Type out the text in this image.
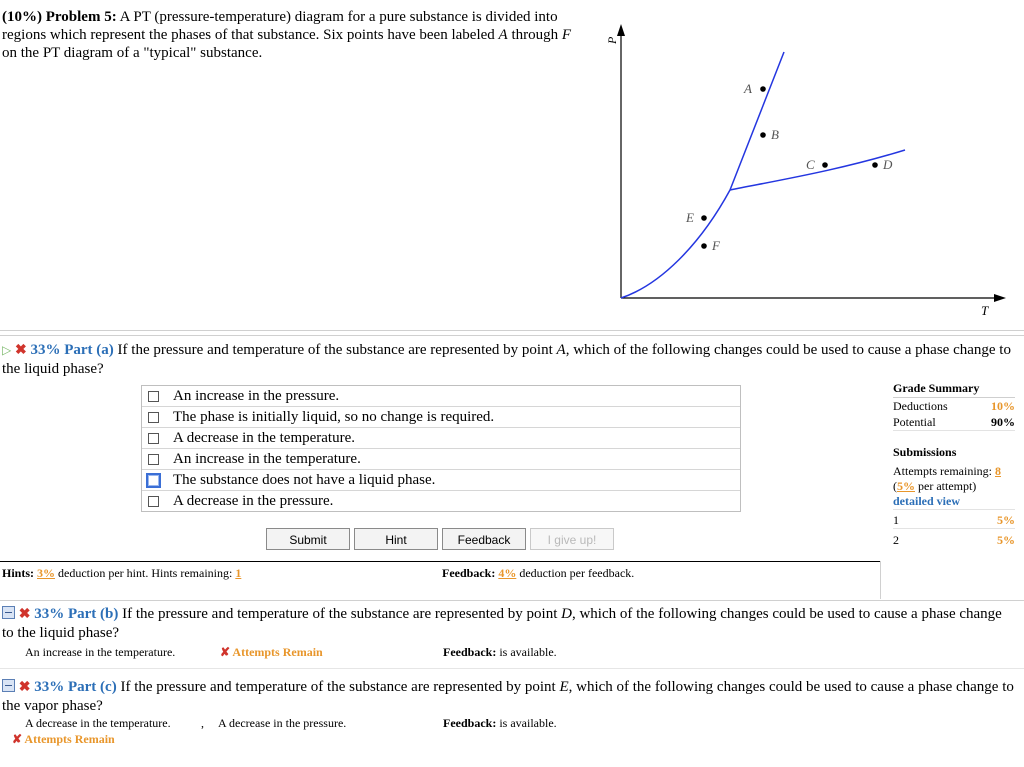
(10%) Problem 5: A PT (pressure-temperature) diagram for a pure substance is divided into regions which represent the phases of that substance. Six points have been labeled A through F on the PT diagram of a "typical" substance.
P
T
A
B
C	D
E
F
▷ ✖ 33% Part (a) If the pressure and temperature of the substance are represented by point A, which of the following changes could be used to cause a phase change to the liquid phase?
An increase in the pressure.
The phase is initially liquid, so no change is required.
A decrease in the temperature.
An increase in the temperature.
The substance does not have a liquid phase.
A decrease in the pressure.
Submit	Hint	Feedback	I give up!
Grade Summary
Deductions	10%
Potential	90%
Submissions
Attempts remaining: 8
(5% per attempt)
detailed view
1	5%
2	5%
Hints: 3% deduction per hint. Hints remaining: 1	Feedback: 4% deduction per feedback.
✖ 33% Part (b) If the pressure and temperature of the substance are represented by point D, which of the following changes could be used to cause a phase change to the liquid phase?
An increase in the temperature.	✘ Attempts Remain	Feedback: is available.
✖ 33% Part (c) If the pressure and temperature of the substance are represented by point E, which of the following changes could be used to cause a phase change to the vapor phase?
A decrease in the temperature.	, A decrease in the pressure.	Feedback: is available.
✘ Attempts Remain
